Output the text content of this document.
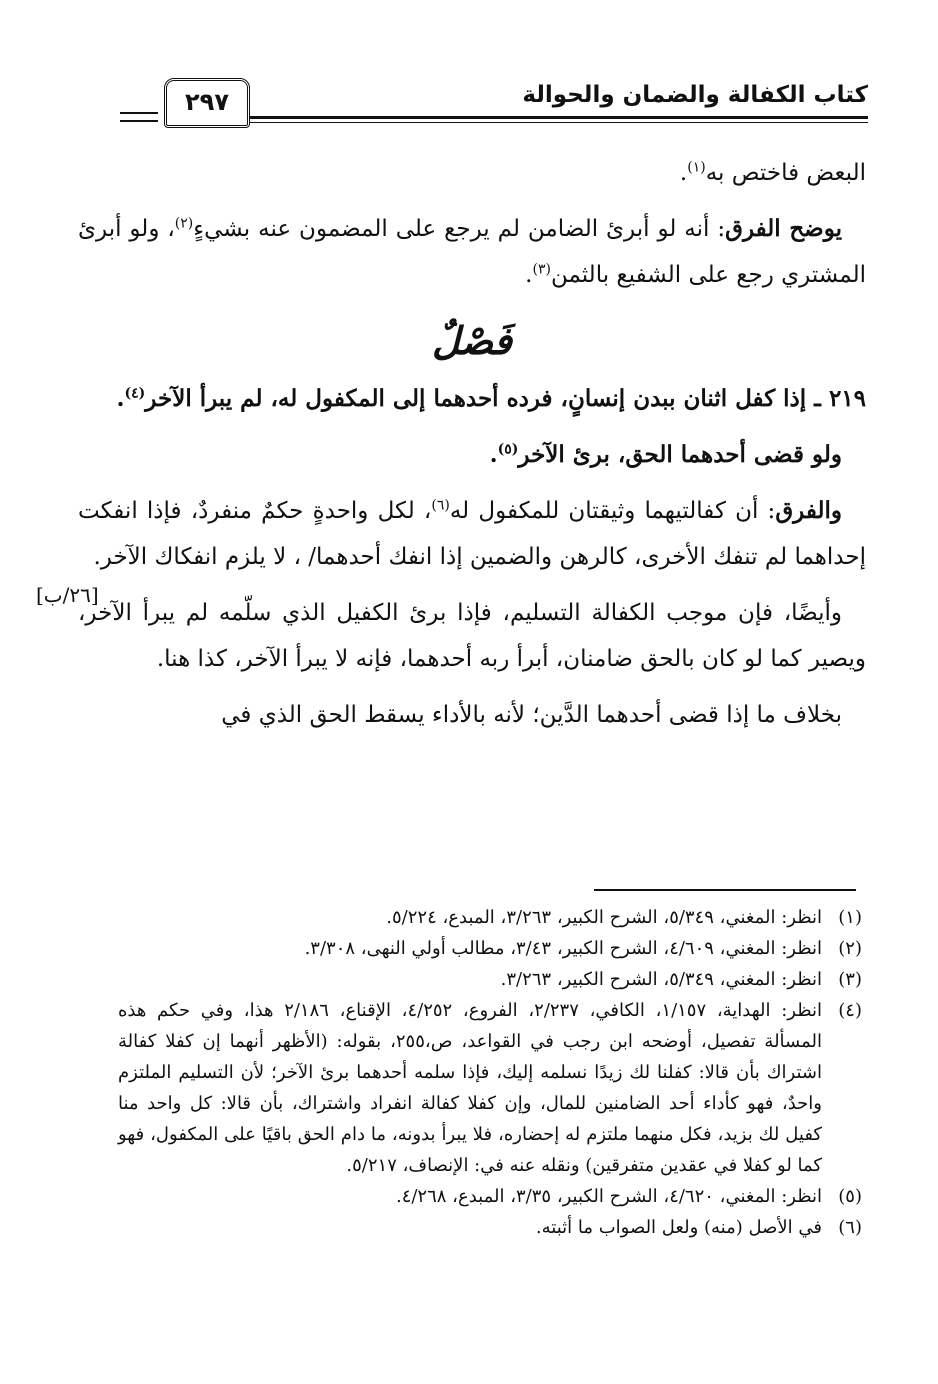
كتاب الكفالة والضمان والحوالة
٢٩٧
[٢٦/ب]

البعض فاختص به$^{(١)}$.

يوضح الفرق: أنه لو أبرئ الضامن لم يرجع على المضمون عنه بشيءٍ$^{(٢)}$، ولو أبرئ المشتري رجع على الشفيع بالثمن$^{(٣)}$.

فَصْلٌ

٢١٩ ـ إذا كفل اثنان ببدن إنسانٍ، فرده أحدهما إلى المكفول له، لم يبرأ الآخر$^{(٤)}$.

ولو قضى أحدهما الحق، برئ الآخر$^{(٥)}$.

والفرق: أن كفالتيهما وثيقتان للمكفول له$^{(٦)}$، لكل واحدةٍ حكمٌ منفردٌ، فإذا انفكت إحداهما لم تنفك الأخرى، كالرهن والضمين إذا انفك أحدهما/ ، لا يلزم انفكاك الآخر.

وأيضًا، فإن موجب الكفالة التسليم، فإذا برئ الكفيل الذي سلّمه لم يبرأ الآخر، ويصير كما لو كان بالحق ضامنان، أبرأ ربه أحدهما، فإنه لا يبرأ الآخر، كذا هنا.

بخلاف ما إذا قضى أحدهما الدَّين؛ لأنه بالأداء يسقط الحق الذي في

(١)
انظر: المغني، ٥/٣٤٩، الشرح الكبير، ٣/٢٦٣، المبدع، ٥/٢٢٤.
(٢)
انظر: المغني، ٤/٦٠٩، الشرح الكبير، ٣/٤٣، مطالب أولي النهى، ٣/٣٠٨.
(٣)
انظر: المغني، ٥/٣٤٩، الشرح الكبير، ٣/٢٦٣.
(٤)
انظر: الهداية، ١/١٥٧، الكافي، ٢/٢٣٧، الفروع، ٤/٢٥٢، الإقناع، ٢/١٨٦ هذا، وفي حكم هذه المسألة تفصيل، أوضحه ابن رجب في القواعد، ص،٢٥٥، بقوله: (الأظهر أنهما إن كفلا كفالة اشتراك بأن قالا: كفلنا لك زيدًا نسلمه إليك، فإذا سلمه أحدهما برئ الآخر؛ لأن التسليم الملتزم واحدٌ، فهو كأداء أحد الضامنين للمال، وإن كفلا كفالة انفراد واشتراك، بأن قالا: كل واحد منا كفيل لك بزيد، فكل منهما ملتزم له إحضاره، فلا يبرأ بدونه، ما دام الحق باقيًا على المكفول، فهو كما لو كفلا في عقدين متفرقين) ونقله عنه في: الإنصاف، ٥/٢١٧.
(٥)
انظر: المغني، ٤/٦٢٠، الشرح الكبير، ٣/٣٥، المبدع، ٤/٢٦٨.
(٦)
في الأصل (منه) ولعل الصواب ما أثبته.
